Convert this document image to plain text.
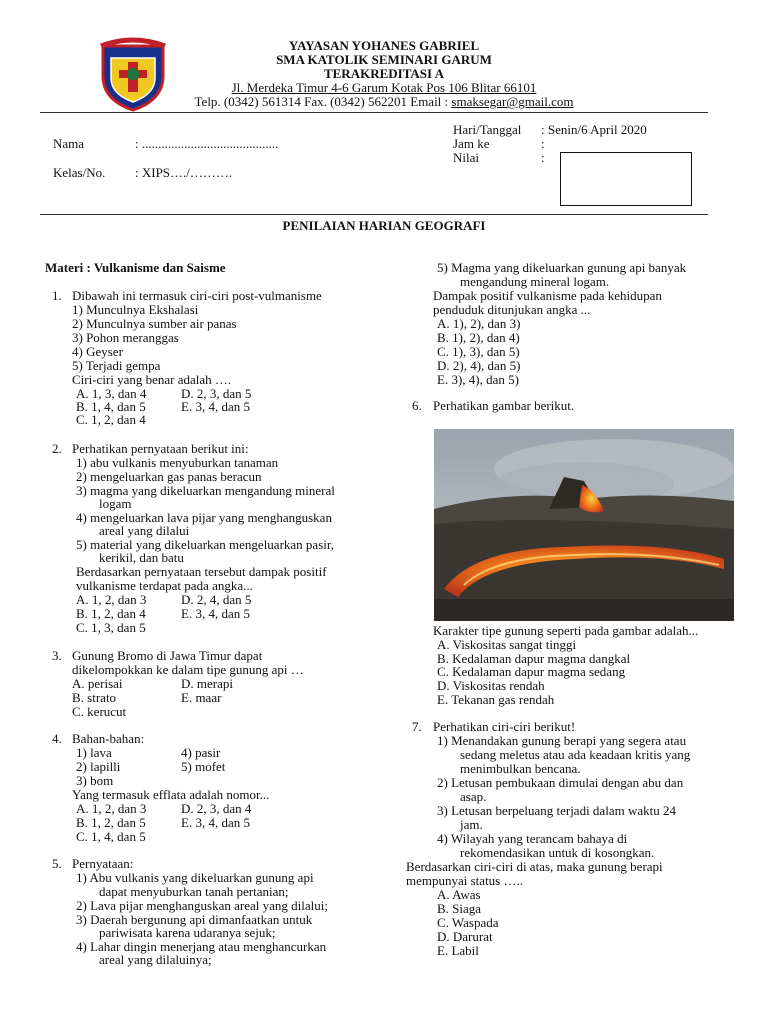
YAYASAN YOHANES GABRIEL
SMA KATOLIK SEMINARI GARUM
TERAKREDITASI A
Jl. Merdeka Timur 4-6 Garum Kotak Pos 106 Blitar 66101
Telp. (0342) 561314 Fax. (0342) 562201 Email : smaksegar@gmail.com
Nama	: ..........................................
Kelas/No. : XIPS…./……….
Hari/Tanggal : Senin/6 April 2020
Jam ke	:
Nilai	:
PENILAIAN HARIAN GEOGRAFI
Materi : Vulkanisme dan Saisme
1. Dibawah ini termasuk ciri-ciri post-vulmanisme
1) Munculnya Ekshalasi
2) Munculnya sumber air panas
3) Pohon meranggas
4) Geyser
5) Terjadi gempa
Ciri-ciri yang benar adalah ….
A. 1, 3, dan 4	D. 2, 3, dan 5
B. 1, 4, dan 5	E. 3, 4, dan 5
C. 1, 2, dan 4
2. Perhatikan pernyataan berikut ini:
1) abu vulkanis menyuburkan tanaman
2) mengeluarkan gas panas beracun
3) magma yang dikeluarkan mengandung mineral
logam
4) mengeluarkan lava pijar yang menghanguskan
areal yang dilalui
5) material yang dikeluarkan mengeluarkan pasir,
kerikil, dan batu
Berdasarkan pernyataan tersebut dampak positif
vulkanisme terdapat pada angka...
A. 1, 2, dan 3	D. 2, 4, dan 5
B. 1, 2, dan 4	E. 3, 4, dan 5
C. 1, 3, dan 5
3. Gunung Bromo di Jawa Timur dapat
dikelompokkan ke dalam tipe gunung api …
A. perisai	D. merapi
B. strato	E. maar
C. kerucut
4. Bahan-bahan:
1) lava	4) pasir
2) lapilli	5) mofet
3) bom
Yang termasuk efflata adalah nomor...
A. 1, 2, dan 3	D. 2, 3, dan 4
B. 1, 2, dan 5	E. 3, 4, dan 5
C. 1, 4, dan 5
5. Pernyataan:
1) Abu vulkanis yang dikeluarkan gunung api
dapat menyuburkan tanah pertanian;
2) Lava pijar menghanguskan areal yang dilalui;
3) Daerah bergunung api dimanfaatkan untuk
pariwisata karena udaranya sejuk;
4) Lahar dingin menerjang atau menghancurkan
areal yang dilaluinya;
5) Magma yang dikeluarkan gunung api banyak
mengandung mineral logam.
Dampak positif vulkanisme pada kehidupan
penduduk ditunjukan angka ...
A. 1), 2), dan 3)
B. 1), 2), dan 4)
C. 1), 3), dan 5)
D. 2), 4), dan 5)
E. 3), 4), dan 5)
6. Perhatikan gambar berikut.
Karakter tipe gunung seperti pada gambar adalah...
A. Viskositas sangat tinggi
B. Kedalaman dapur magma dangkal
C. Kedalaman dapur magma sedang
D. Viskositas rendah
E. Tekanan gas rendah
7. Perhatikan ciri-ciri berikut!
1) Menandakan gunung berapi yang segera atau
sedang meletus atau ada keadaan kritis yang
menimbulkan bencana.
2) Letusan pembukaan dimulai dengan abu dan
asap.
3) Letusan berpeluang terjadi dalam waktu 24
jam.
4) Wilayah yang terancam bahaya di
rekomendasikan untuk di kosongkan.
Berdasarkan ciri-ciri di atas, maka gunung berapi
mempunyai status …..
A. Awas
B. Siaga
C. Waspada
D. Darurat
E. Labil
